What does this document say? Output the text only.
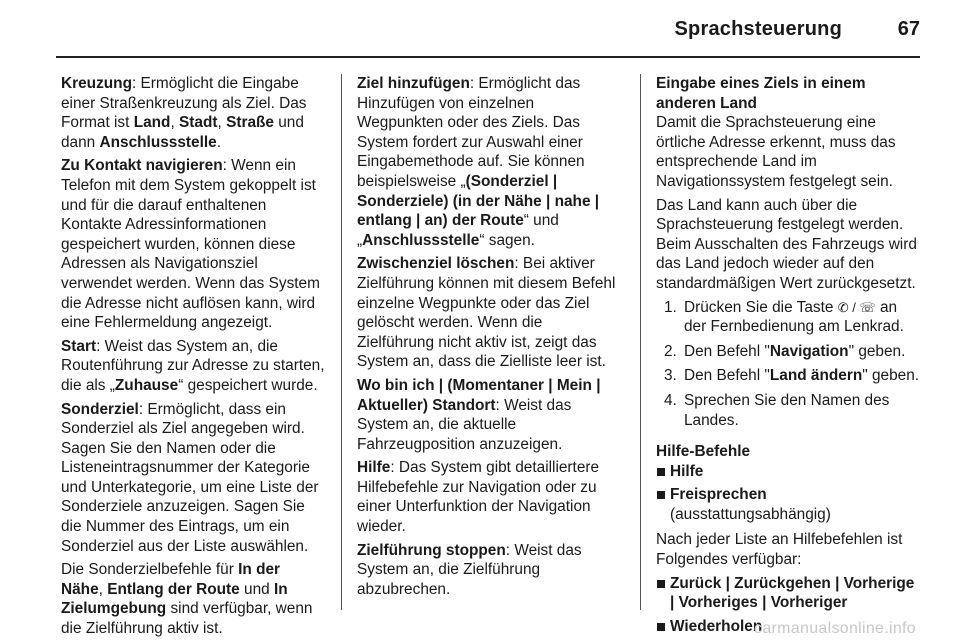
Sprachsteuerung	67

Kreuzung: Ermöglicht die Eingabe einer Straßenkreuzung als Ziel. Das Format ist Land, Stadt, Straße und dann Anschlussstelle.

Zu Kontakt navigieren: Wenn ein Telefon mit dem System gekoppelt ist und für die darauf enthaltenen Kontakte Adressinformationen gespeichert wurden, können diese Adressen als Navigationsziel verwendet werden. Wenn das System die Adresse nicht auflösen kann, wird eine Fehlermeldung angezeigt.

Start: Weist das System an, die Routenführung zur Adresse zu starten, die als „Zuhause“ gespeichert wurde.

Sonderziel: Ermöglicht, dass ein Sonderziel als Ziel angegeben wird. Sagen Sie den Namen oder die Listeneintragsnummer der Kategorie und Unterkategorie, um eine Liste der Sonderziele anzuzeigen. Sagen Sie die Nummer des Eintrags, um ein Sonderziel aus der Liste auswählen.

Die Sonderzielbefehle für In der Nähe, Entlang der Route und In Zielumgebung sind verfügbar, wenn die Zielführung aktiv ist.

Ziel hinzufügen: Ermöglicht das Hinzufügen von einzelnen Wegpunkten oder des Ziels. Das System fordert zur Auswahl einer Eingabemethode auf. Sie können beispielsweise „(Sonderziel | Sonderziele) (in der Nähe | nahe | entlang | an) der Route“ und „Anschlussstelle“ sagen.

Zwischenziel löschen: Bei aktiver Zielführung können mit diesem Befehl einzelne Wegpunkte oder das Ziel gelöscht werden. Wenn die Zielführung nicht aktiv ist, zeigt das System an, dass die Zielliste leer ist.

Wo bin ich | (Momentaner | Mein | Aktueller) Standort: Weist das System an, die aktuelle Fahrzeugposition anzuzeigen.

Hilfe: Das System gibt detailliertere Hilfebefehle zur Navigation oder zu einer Unterfunktion der Navigation wieder.

Zielführung stoppen: Weist das System an, die Zielführung abzubrechen.

Eingabe eines Ziels in einem anderen Land

Damit die Sprachsteuerung eine örtliche Adresse erkennt, muss das entsprechende Land im Navigationssystem festgelegt sein.

Das Land kann auch über die Sprachsteuerung festgelegt werden. Beim Ausschalten des Fahrzeugs wird das Land jedoch wieder auf den standardmäßigen Wert zurückgesetzt.

1. Drücken Sie die Taste ✆ / ☏ an der Fernbedienung am Lenkrad.
2. Den Befehl "Navigation" geben.
3. Den Befehl "Land ändern" geben.
4. Sprechen Sie den Namen des Landes.

Hilfe-Befehle

Hilfe
Freisprechen (ausstattungsabhängig)

Nach jeder Liste an Hilfebefehlen ist Folgendes verfügbar:

Zurück | Zurückgehen | Vorherige | Vorheriges | Vorheriger
Wiederholen
carmanualsonline.info
